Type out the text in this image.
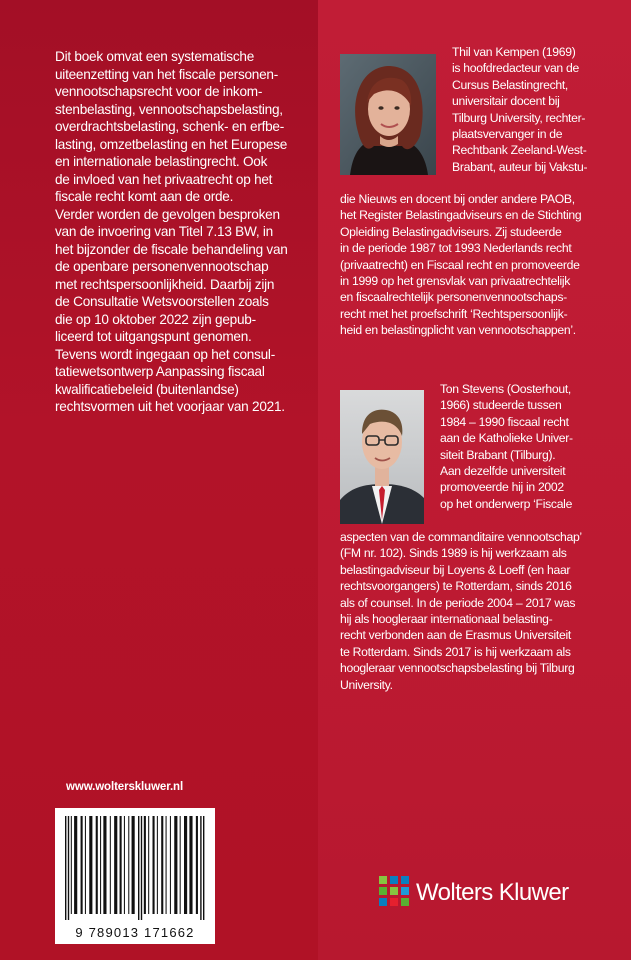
Dit boek omvat een systematische

uiteenzetting van het fiscale personen-

vennootschapsrecht voor de inkom-

stenbelasting, vennootschapsbelasting,

overdrachtsbelasting, schenk- en erfbe-

lasting, omzetbelasting en het Europese

en internationale belastingrecht. Ook

de invloed van het privaatrecht op het

fiscale recht komt aan de orde.

Verder worden de gevolgen besproken

van de invoering van Titel 7.13 BW, in

het bijzonder de fiscale behandeling van

de openbare personenvennootschap

met rechtspersoonlijkheid. Daarbij zijn

de Consultatie Wetsvoorstellen zoals

die op 10 oktober 2022 zijn gepub-

liceerd tot uitgangspunt genomen.

Tevens wordt ingegaan op het consul-

tatiewetsontwerp Aanpassing fiscaal

kwalificatiebeleid (buitenlandse)

rechtsvormen uit het voorjaar van 2021.

Thil van Kempen (1969)

is hoofdredacteur van de

Cursus Belastingrecht,

universitair docent bij

Tilburg University, rechter-

plaatsvervanger in de

Rechtbank Zeeland-West-

Brabant, auteur bij Vakstu-

die Nieuws en docent bij onder andere PAOB,

het Register Belastingadviseurs en de Stichting

Opleiding Belastingadviseurs. Zij studeerde

in de periode 1987 tot 1993 Nederlands recht

(privaatrecht) en Fiscaal recht en promoveerde

in 1999 op het grensvlak van privaatrechtelijk

en fiscaalrechtelijk personenvennootschaps-

recht met het proefschrift ‘Rechtspersoonlijk-

heid en belastingplicht van vennootschappen’.

Ton Stevens (Oosterhout,

1966) studeerde tussen

1984 – 1990 fiscaal recht

aan de Katholieke Univer-

siteit Brabant (Tilburg).

Aan dezelfde universiteit

promoveerde hij in 2002

op het onderwerp ‘Fiscale

aspecten van de commanditaire vennootschap’

(FM nr. 102). Sinds 1989 is hij werkzaam als

belastingadviseur bij Loyens & Loeff (en haar

rechtsvoorgangers) te Rotterdam, sinds 2016

als of counsel. In de periode 2004 – 2017 was

hij als hoogleraar internationaal belasting-

recht verbonden aan de Erasmus Universiteit

te Rotterdam. Sinds 2017 is hij werkzaam als

hoogleraar vennootschapsbelasting bij Tilburg

University.

www.wolterskluwer.nl
9 789013 171662
Wolters Kluwer
